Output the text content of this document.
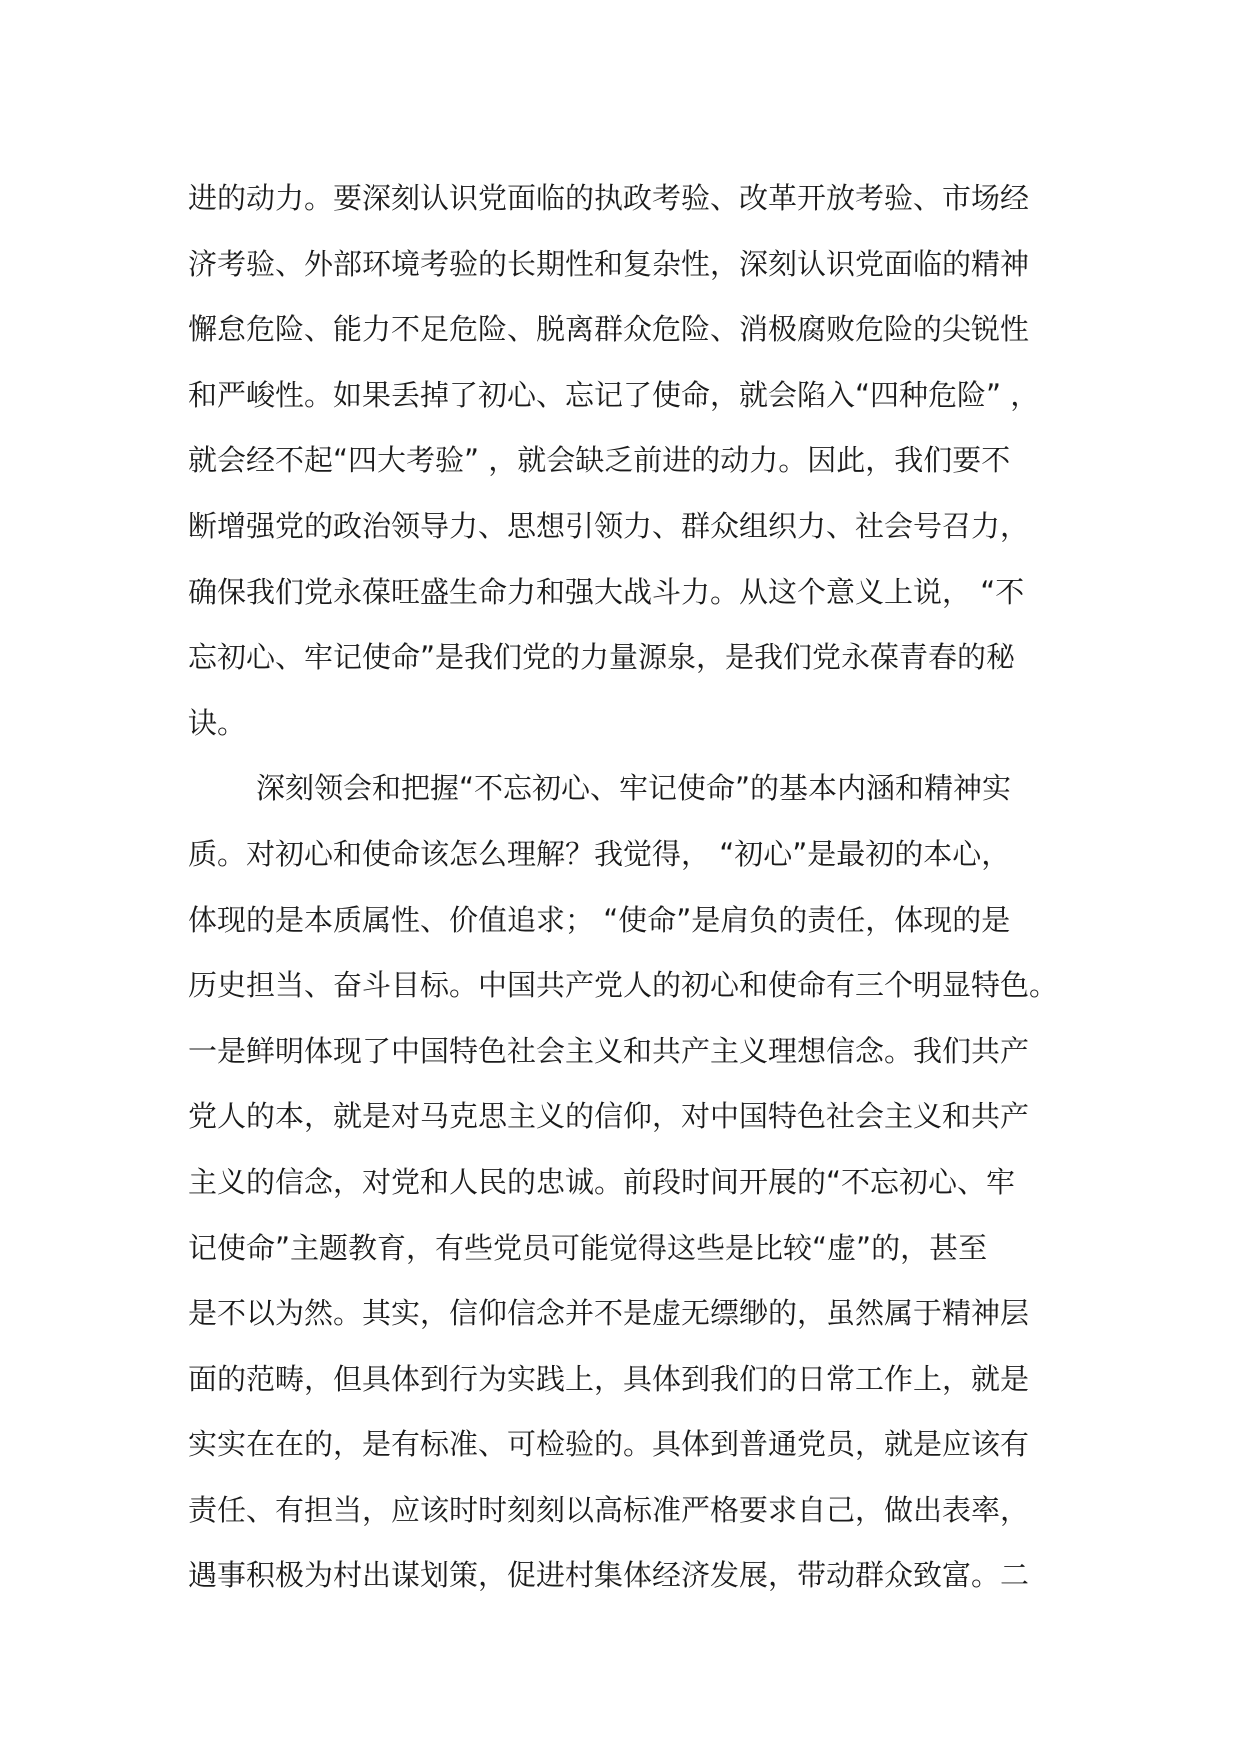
进的动力。要深刻认识党面临的执政考验、改革开放考验、市场经
济考验、外部环境考验的长期性和复杂性，深刻认识党面临的精神
懈怠危险、能力不足危险、脱离群众危险、消极腐败危险的尖锐性
和严峻性。如果丢掉了初心、忘记了使命，就会陷入“四种危险” ，
就会经不起“四大考验” ，就会缺乏前进的动力。因此，我们要不
断增强党的政治领导力、思想引领力、群众组织力、社会号召力，
确保我们党永葆旺盛生命力和强大战斗力。从这个意义上说， “不
忘初心、牢记使命”是我们党的力量源泉，是我们党永葆青春的秘
诀。
深刻领会和把握“不忘初心、牢记使命”的基本内涵和精神实
质。对初心和使命该怎么理解？我觉得， “初心”是最初的本心，
体现的是本质属性、价值追求； “使命”是肩负的责任，体现的是
历史担当、奋斗目标。中国共产党人的初心和使命有三个明显特色。
一是鲜明体现了中国特色社会主义和共产主义理想信念。我们共产
党人的本，就是对马克思主义的信仰，对中国特色社会主义和共产
主义的信念，对党和人民的忠诚。前段时间开展的“不忘初心、牢
记使命”主题教育，有些党员可能觉得这些是比较“虚”的，甚至
是不以为然。其实，信仰信念并不是虚无缥缈的，虽然属于精神层
面的范畴，但具体到行为实践上，具体到我们的日常工作上，就是
实实在在的，是有标准、可检验的。具体到普通党员，就是应该有
责任、有担当，应该时时刻刻以高标准严格要求自己，做出表率，
遇事积极为村出谋划策，促进村集体经济发展，带动群众致富。二
